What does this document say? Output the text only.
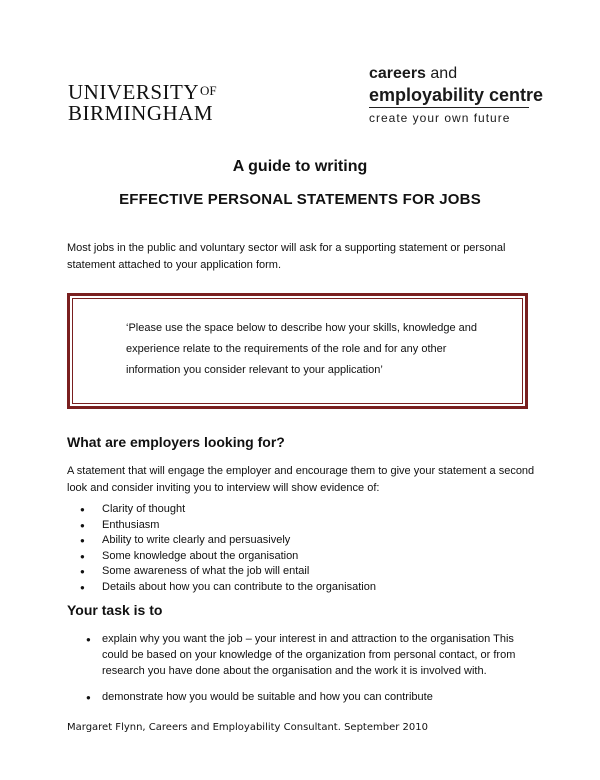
UNIVERSITYOF
BIRMINGHAM
careers and
employability centre
create your own future
A guide to writing
EFFECTIVE PERSONAL STATEMENTS FOR JOBS
Most jobs in the public and voluntary sector will ask for a supporting statement or personal statement attached to your application form.
‘Please use the space below to describe how your skills, knowledge and experience relate to the requirements of the role and for any other information you consider relevant to your application’
What are employers looking for?
A statement that will engage the employer and encourage them to give your statement a second look and consider inviting you to interview will show evidence of:
●	Clarity of thought
●	Enthusiasm
●	Ability to write clearly and persuasively
●	Some knowledge about the organisation
●	Some awareness of what the job will entail
●	Details about how you can contribute to the organisation
Your task is to
●	explain why you want the job – your interest in and attraction to the organisation This could be based on your knowledge of the organization from personal contact, or from research you have done about the organisation and the work it is involved with.
●	demonstrate how you would be suitable and how you can contribute
Margaret Flynn, Careers and Employability Consultant. September 2010
